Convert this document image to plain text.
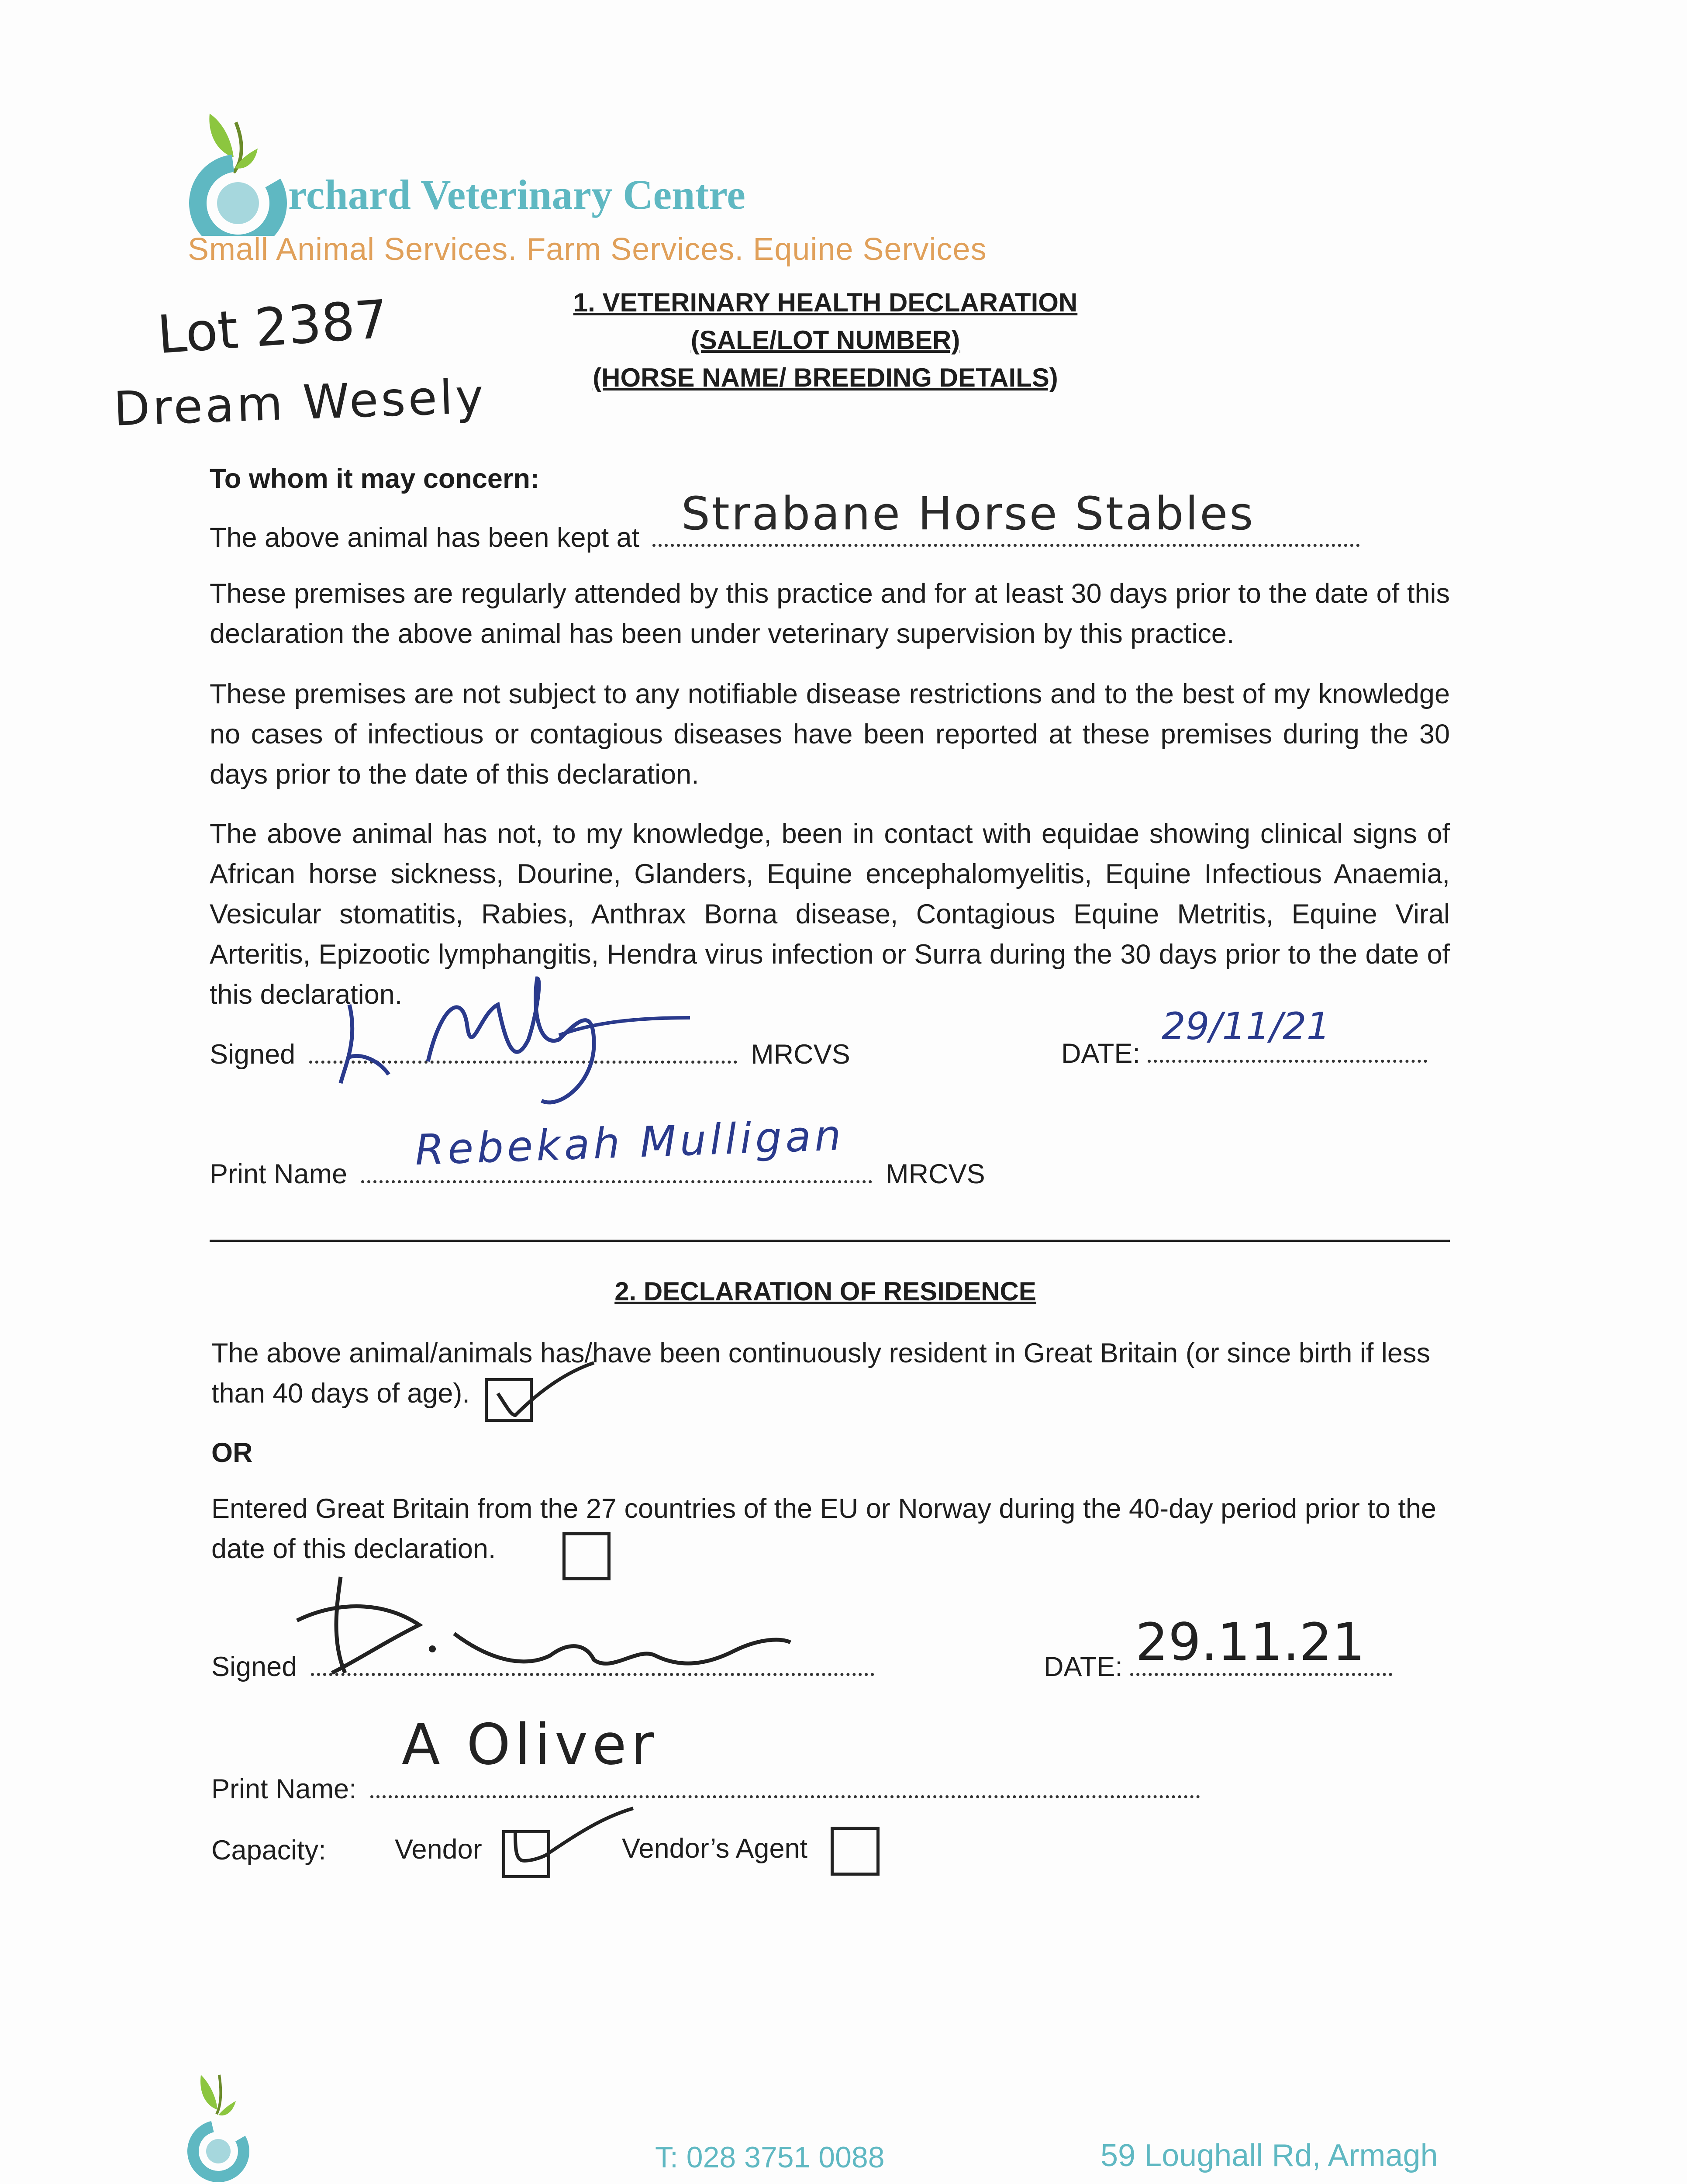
rchard Veterinary Centre
Small Animal Services. Farm Services. Equine Services
Lot 2387
Dream Wesely
1. VETERINARY HEALTH DECLARATION
(SALE/LOT NUMBER)
(HORSE NAME/ BREEDING DETAILS)
To whom it may concern:
The above animal has been kept at Strabane Horse Stables
These premises are regularly attended by this practice and for at least 30 days prior to the date of this declaration the above animal has been under veterinary supervision by this practice.
These premises are not subject to any notifiable disease restrictions and to the best of my knowledge no cases of infectious or contagious diseases have been reported at these premises during the 30 days prior to the date of this declaration.
The above animal has not, to my knowledge, been in contact with equidae showing clinical signs of African horse sickness, Dourine, Glanders, Equine encephalomyelitis, Equine Infectious Anaemia, Vesicular stomatitis, Rabies, Anthrax Borna disease, Contagious Equine Metritis, Equine Viral Arteritis, Epizootic lymphangitis, Hendra virus infection or Surra during the 30 days prior to the date of this declaration.
Signed	MRCVS	DATE:
29/11/21
Print Name	MRCVS
Rebekah Mulligan
2. DECLARATION OF RESIDENCE
The above animal/animals has/have been continuously resident in Great Britain (or since birth if less than 40 days of age).
OR
Entered Great Britain from the 27 countries of the EU or Norway during the 40-day period prior to the date of this declaration.
Signed	DATE: 29.11.21
Print Name:
A Oliver
Capacity: Vendor	Vendor’s Agent
T: 028 3751 0088	59 Loughall Rd, Armagh
